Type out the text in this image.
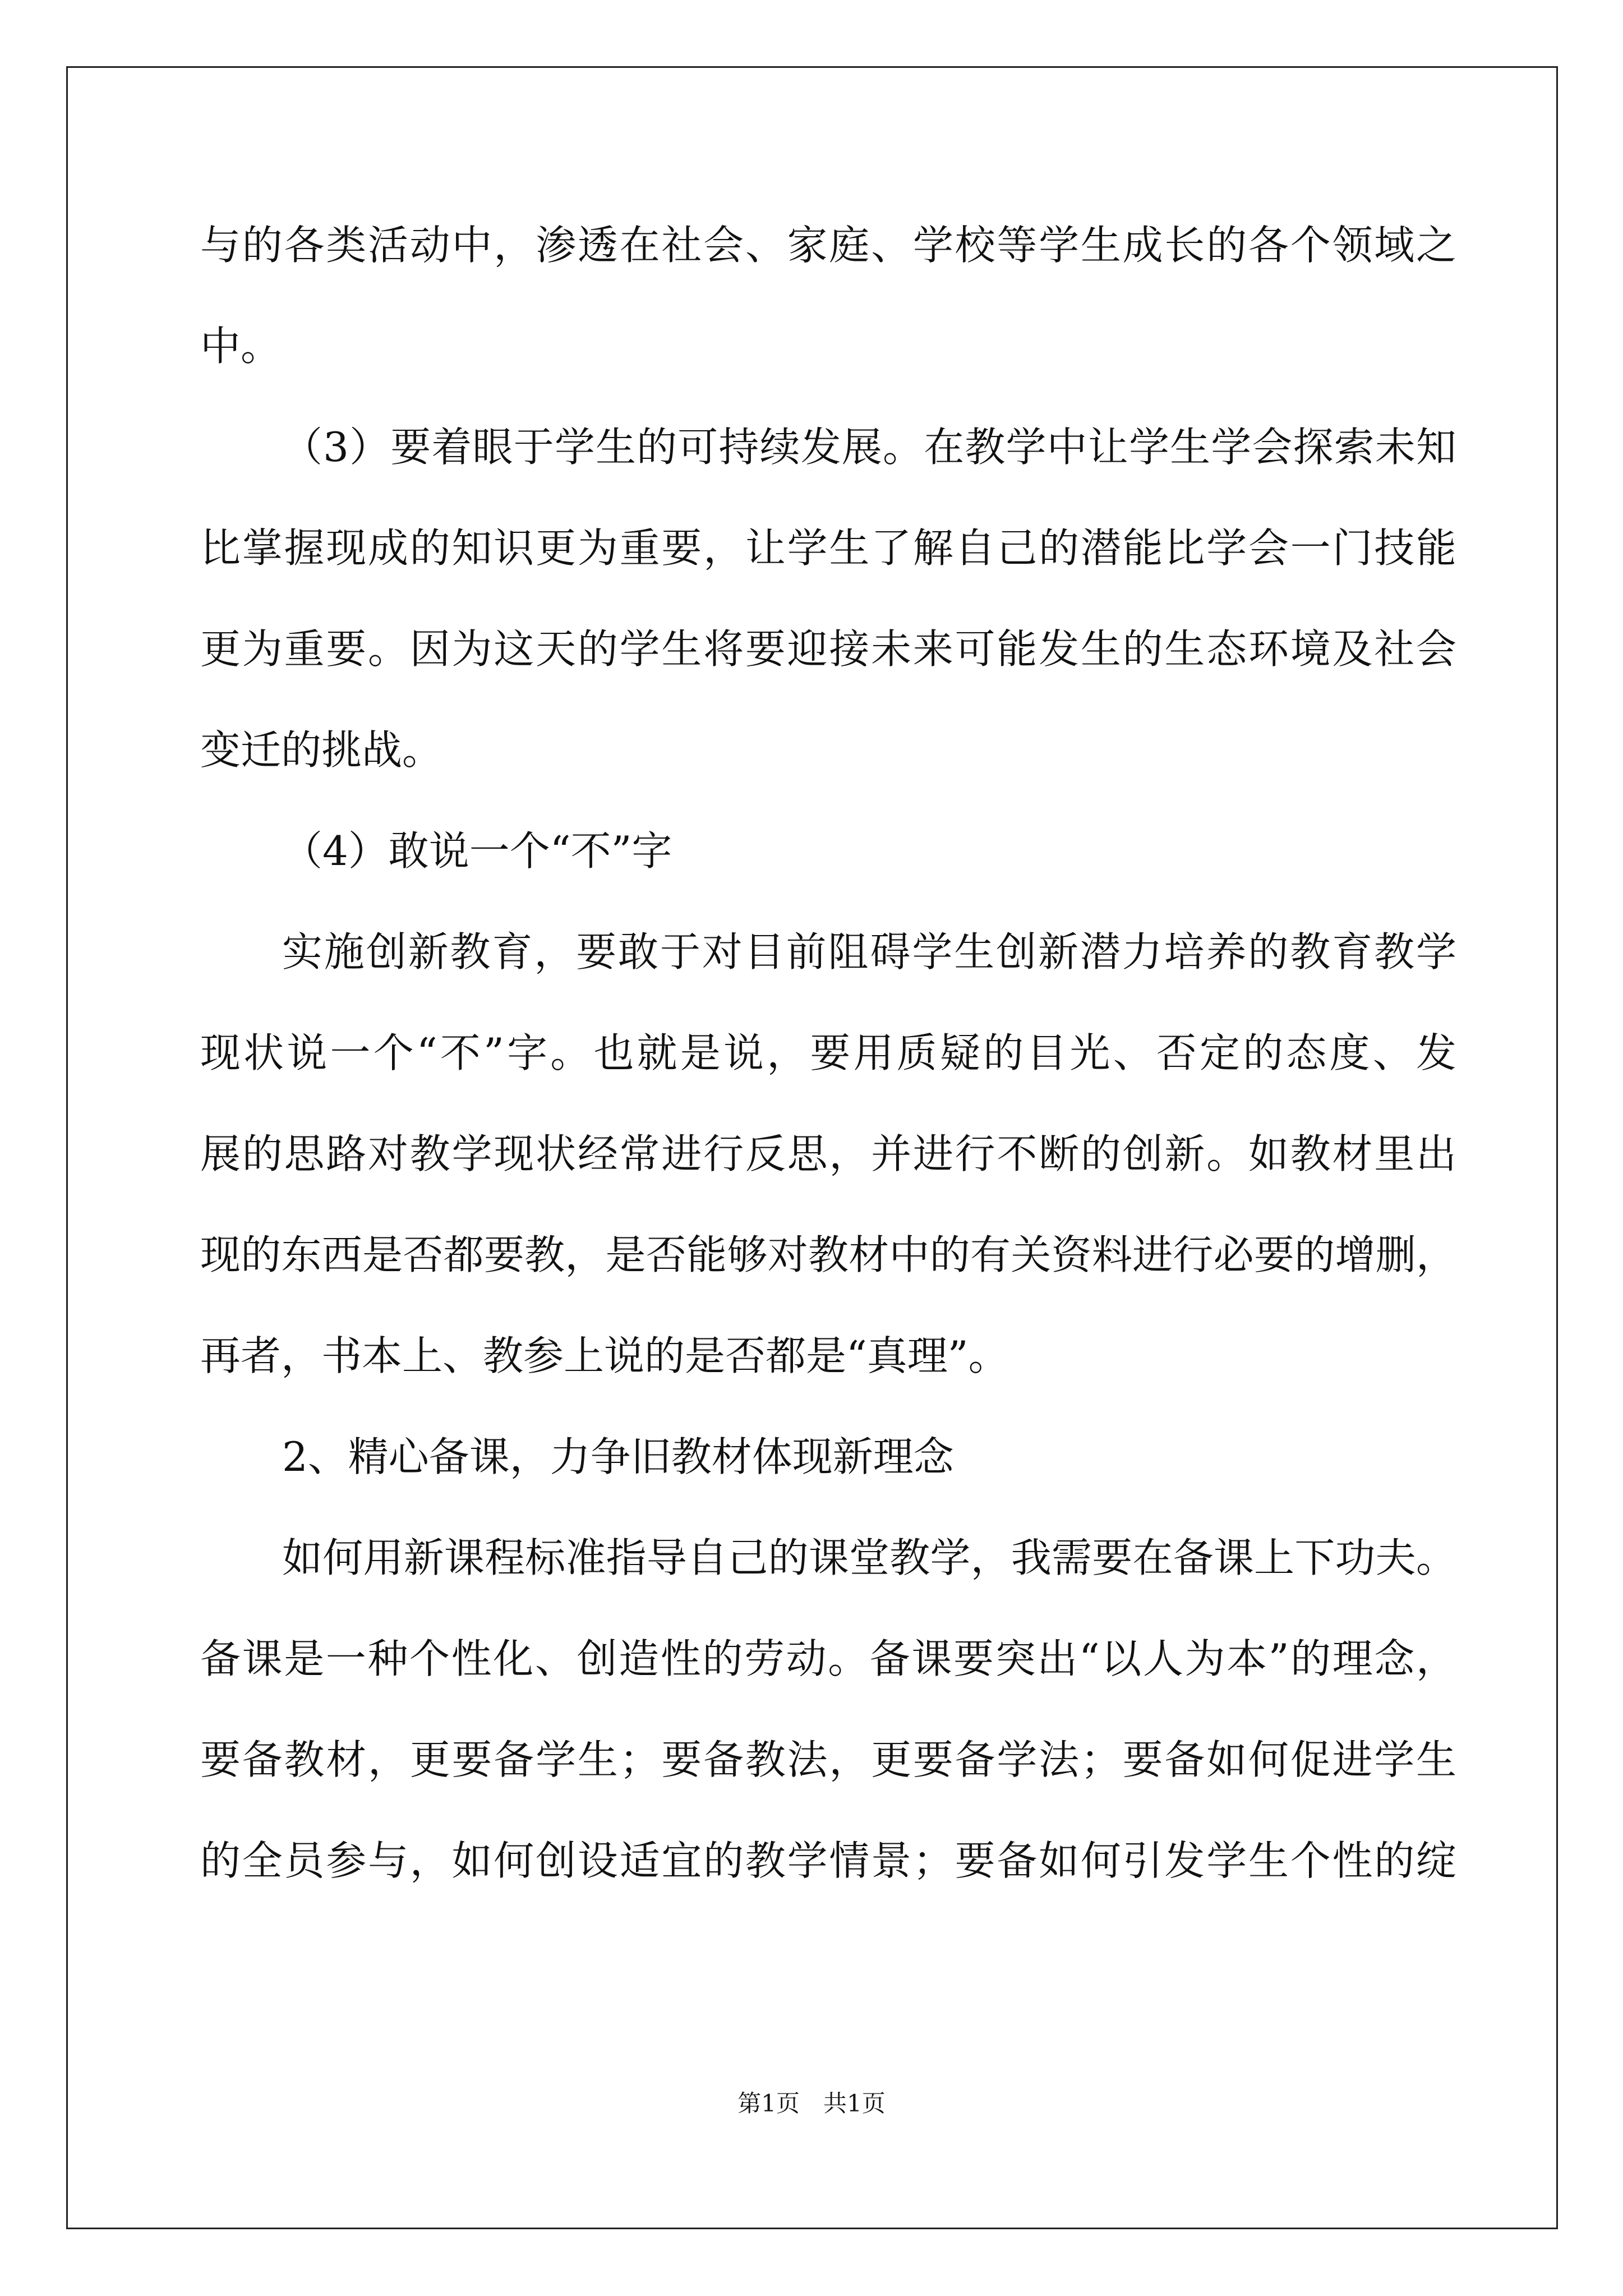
与的各类活动中，渗透在社会、家庭、学校等学生成长的各个领域之
中。
（3）要着眼于学生的可持续发展。在教学中让学生学会探索未知
比掌握现成的知识更为重要，让学生了解自己的潜能比学会一门技能
更为重要。因为这天的学生将要迎接未来可能发生的生态环境及社会
变迁的挑战。
（4）敢说一个“不”字
实施创新教育，要敢于对目前阻碍学生创新潜力培养的教育教学
现状说一个“不”字。也就是说，要用质疑的目光、否定的态度、发
展的思路对教学现状经常进行反思，并进行不断的创新。如教材里出
现的东西是否都要教，是否能够对教材中的有关资料进行必要的增删，
再者，书本上、教参上说的是否都是“真理”。
2、精心备课，力争旧教材体现新理念
如何用新课程标准指导自己的课堂教学，我需要在备课上下功夫。
备课是一种个性化、创造性的劳动。备课要突出“以人为本”的理念，
要备教材，更要备学生；要备教法，更要备学法；要备如何促进学生
的全员参与，如何创设适宜的教学情景；要备如何引发学生个性的绽
第1页 共1页
